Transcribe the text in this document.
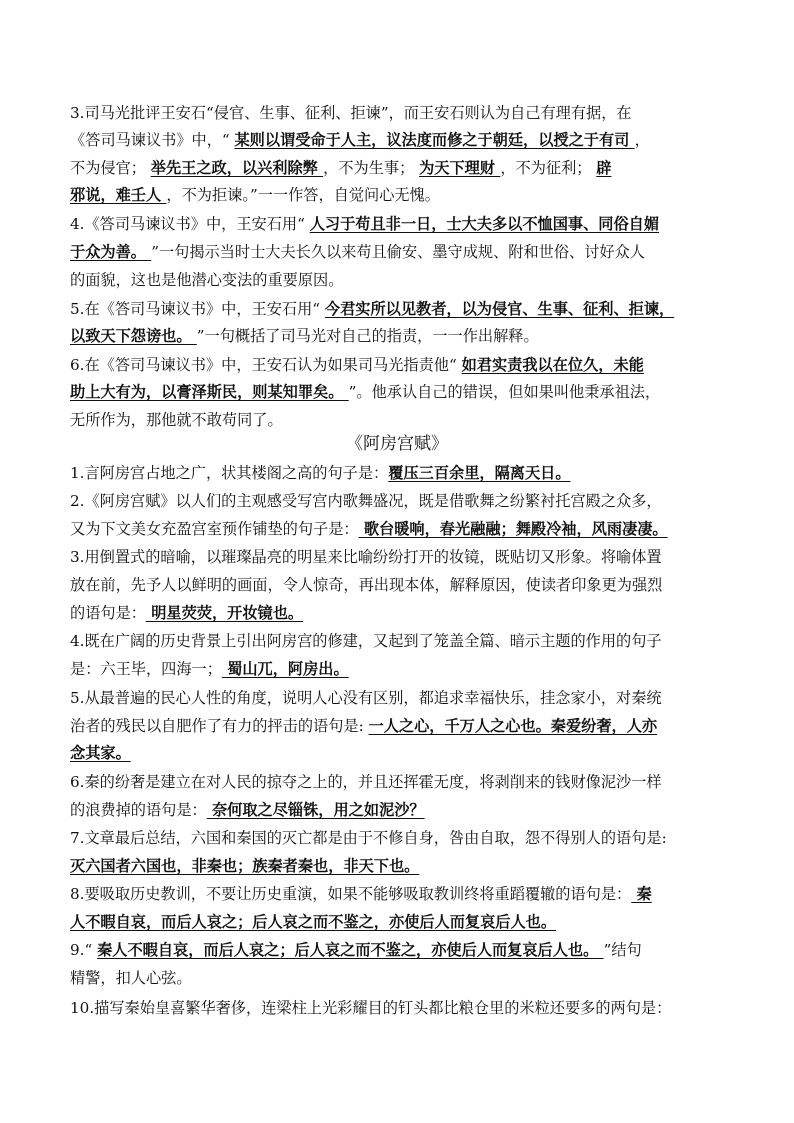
《阿房宫赋》
3.司马光批评王安石“侵官、生事、征利、拒谏”，而王安石则认为自己有理有据，在
《答司马谏议书》中，“ 某则以谓受命于人主，议法度而修之于朝廷，以授之于有司 ，
不为侵官； 举先王之政，以兴利除弊 ，不为生事； 为天下理财 ，不为征利； 辟
邪说，难壬人 ，不为拒谏。”一一作答，自觉问心无愧。
4.《答司马谏议书》中，王安石用“ 人习于苟且非一日，士大夫多以不恤国事、同俗自媚
于众为善。 ”一句揭示当时士大夫长久以来苟且偷安、墨守成规、附和世俗、讨好众人
的面貌，这也是他潜心变法的重要原因。
5.在《答司马谏议书》中，王安石用“ 今君实所以见教者，以为侵官、生事、征利、拒谏，
以致天下怨谤也。 ”一句概括了司马光对自己的指责，一一作出解释。
6.在《答司马谏议书》中，王安石认为如果司马光指责他“ 如君实责我以在位久，未能
助上大有为，以膏泽斯民，则某知罪矣。 ”。他承认自己的错误，但如果叫他秉承祖法，
无所作为，那他就不敢苟同了。
1.言阿房宫占地之广，状其楼阁之高的句子是：覆压三百余里，隔离天日。
2.《阿房宫赋》以人们的主观感受写宫内歌舞盛况，既是借歌舞之纷繁衬托宫殿之众多，
又为下文美女充盈宫室预作铺垫的句子是： 歌台暖响，春光融融；舞殿冷袖，风雨凄凄。
3.用倒置式的暗喻，以璀璨晶亮的明星来比喻纷纷打开的妆镜，既贴切又形象。将喻体置
放在前，先予人以鲜明的画面，令人惊奇，再出现本体，解释原因，使读者印象更为强烈
的语句是： 明星荧荧，开妆镜也。
4.既在广阔的历史背景上引出阿房宫的修建，又起到了笼盖全篇、暗示主题的作用的句子
是：六王毕，四海一； 蜀山兀，阿房出。
5.从最普遍的民心人性的角度，说明人心没有区别，都追求幸福快乐，挂念家小，对秦统
治者的残民以自肥作了有力的抨击的语句是: 一人之心，千万人之心也。秦爱纷奢，人亦
念其家。
6.秦的纷奢是建立在对人民的掠夺之上的，并且还挥霍无度，将剥削来的钱财像泥沙一样
的浪费掉的语句是： 奈何取之尽锱铢，用之如泥沙？
7.文章最后总结，六国和秦国的灭亡都是由于不修自身，咎由自取，怨不得别人的语句是:
灭六国者六国也，非秦也；族秦者秦也，非天下也。
8.要吸取历史教训，不要让历史重演，如果不能够吸取教训终将重蹈覆辙的语句是： 秦
人不暇自哀，而后人哀之；后人哀之而不鉴之，亦使后人而复哀后人也。
9.“ 秦人不暇自哀，而后人哀之；后人哀之而不鉴之，亦使后人而复哀后人也。 ”结句
精警，扣人心弦。
10.描写秦始皇喜繁华奢侈，连梁柱上光彩耀目的钉头都比粮仓里的米粒还要多的两句是：
